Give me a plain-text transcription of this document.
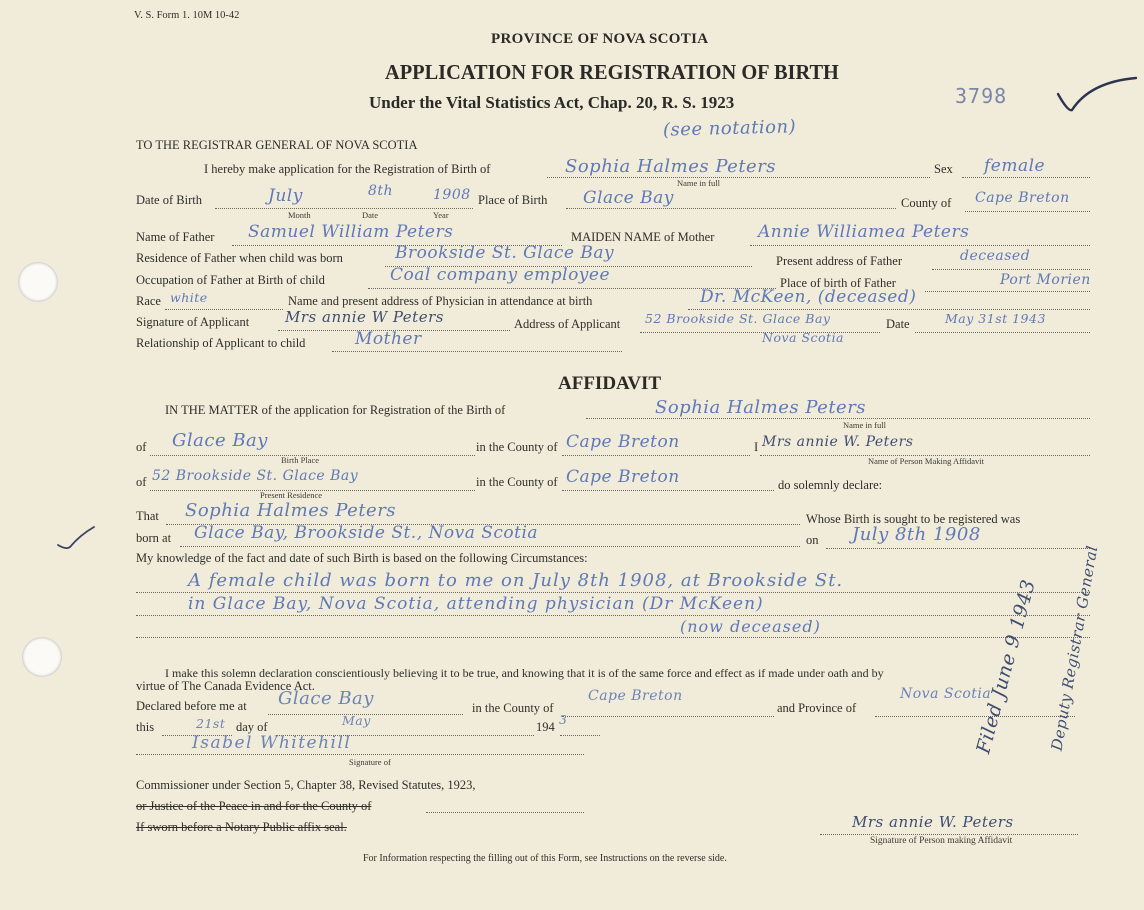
V. S. Form 1. 10M 10-42
PROVINCE OF NOVA SCOTIA
APPLICATION FOR REGISTRATION OF BIRTH
Under the Vital Statistics Act, Chap. 20, R. S. 1923	3798
(see notation)
TO THE REGISTRAR GENERAL OF NOVA SCOTIA
I hereby make application for the Registration of Birth of	Sophia Halmes Peters
Name in full
Sex female
Date of Birth	July	8th	1908
Month	Date	Year
Place of Birth Glace Bay	County of Cape Breton
Name of Father Samuel William Peters	MAIDEN NAME of Mother	Annie Williamea Peters
Residence of Father when child was born	Brookside St. Glace Bay	Present address of Father	deceased
Occupation of Father at Birth of child	Coal company employee	Place of birth of Father	Port Morien
Race white	Name and present address of Physician in attendance at birth	Dr. McKeen, (deceased)
Signature of Applicant Mrs annie W Peters	Address of Applicant 52 Brookside St. Glace Bay
Nova Scotia
Date	May 31st 1943
Relationship of Applicant to child	Mother
AFFIDAVIT
IN THE MATTER of the application for Registration of the Birth of	Sophia Halmes Peters
Name in full
of Glace Bay
Birth Place
in the County of Cape Breton	I Mrs annie W. Peters
Name of Person Making Affidavit
of 52 Brookside St. Glace Bay
Present Residence
in the County of Cape Breton	do solemnly declare:
That Sophia Halmes Peters	Whose Birth is sought to be registered was
born at Glace Bay, Brookside St., Nova Scotia	on July 8th 1908
My knowledge of the fact and date of such Birth is based on the following Circumstances:
A female child was born to me on July 8th 1908, at Brookside St.
in Glace Bay, Nova Scotia, attending physician (Dr McKeen)
(now deceased)
I make this solemn declaration conscientiously believing it to be true, and knowing that it is of the same force and effect as if made under oath and by
virtue of The Canada Evidence Act.
Declared before me at Glace Bay	in the County of
Cape Breton
and Province of
Nova Scotia
this	21st day of	May	194 3
Isabel Whitehill
Signature of
Commissioner under Section 5, Chapter 38, Revised Statutes, 1923,
or Justice of the Peace in and for the County of
If sworn before a Notary Public affix seal.	Mrs annie W. Peters
Signature of Person making Affidavit
For Information respecting the filling out of this Form, see Instructions on the reverse side.
Filed June 9 1943 Deputy Registrar General
